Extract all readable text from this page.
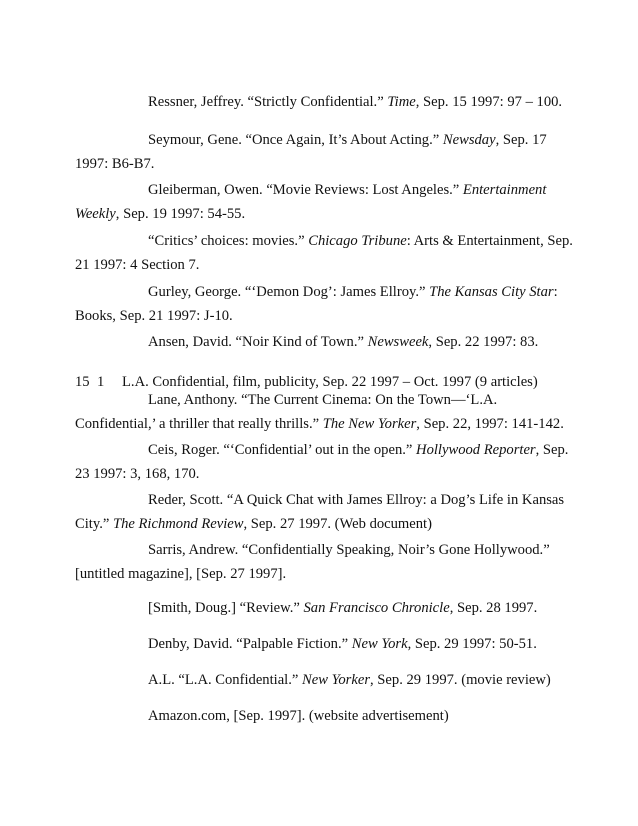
Ressner, Jeffrey. “Strictly Confidential.” Time, Sep. 15 1997: 97 – 100.
Seymour, Gene. “Once Again, It’s About Acting.” Newsday, Sep. 17
1997: B6-B7.
Gleiberman, Owen. “Movie Reviews: Lost Angeles.” Entertainment
Weekly, Sep. 19 1997: 54-55.
“Critics’ choices: movies.” Chicago Tribune: Arts & Entertainment, Sep.
21 1997: 4 Section 7.
Gurley, George. “‘Demon Dog’: James Ellroy.” The Kansas City Star:
Books, Sep. 21 1997: J-10.
Ansen, David. “Noir Kind of Town.” Newsweek, Sep. 22 1997: 83.
15 1 L.A. Confidential, film, publicity, Sep. 22 1997 – Oct. 1997 (9 articles)
Lane, Anthony. “The Current Cinema: On the Town—‘L.A.
Confidential,’ a thriller that really thrills.” The New Yorker, Sep. 22, 1997: 141-142.
Ceis, Roger. “‘Confidential’ out in the open.” Hollywood Reporter, Sep.
23 1997: 3, 168, 170.
Reder, Scott. “A Quick Chat with James Ellroy: a Dog’s Life in Kansas
City.” The Richmond Review, Sep. 27 1997. (Web document)
Sarris, Andrew. “Confidentially Speaking, Noir’s Gone Hollywood.”
[untitled magazine], [Sep. 27 1997].
[Smith, Doug.] “Review.” San Francisco Chronicle, Sep. 28 1997.
Denby, David. “Palpable Fiction.” New York, Sep. 29 1997: 50-51.
A.L. “L.A. Confidential.” New Yorker, Sep. 29 1997. (movie review)
Amazon.com, [Sep. 1997]. (website advertisement)
